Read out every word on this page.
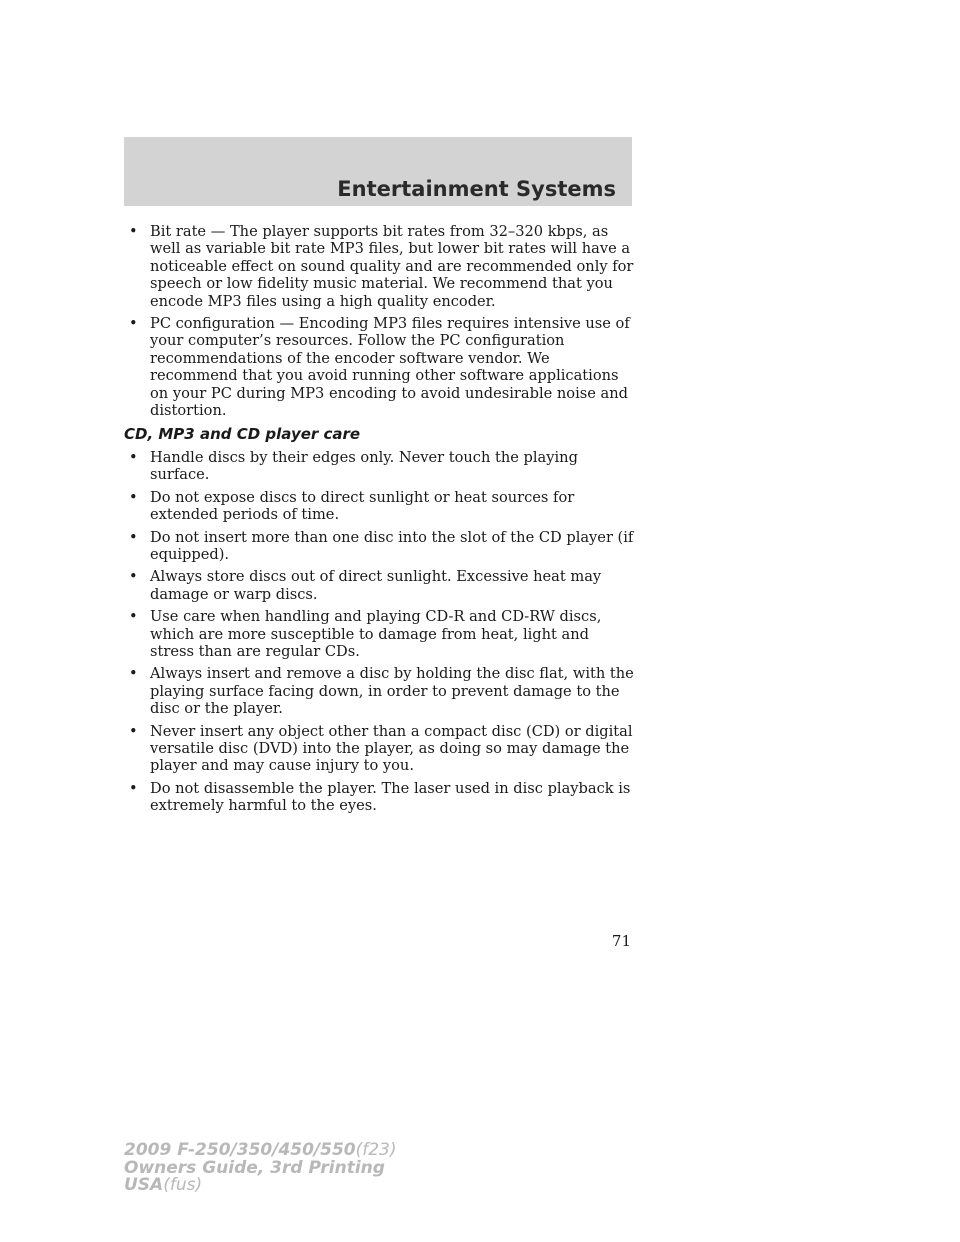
Entertainment Systems
• Bit rate — The player supports bit rates from 32–320 kbps, as well as variable bit rate MP3 files, but lower bit rates will have a noticeable effect on sound quality and are recommended only for speech or low fidelity music material. We recommend that you encode MP3 files using a high quality encoder.
• PC configuration — Encoding MP3 files requires intensive use of your computer’s resources. Follow the PC configuration recommendations of the encoder software vendor. We recommend that you avoid running other software applications on your PC during MP3 encoding to avoid undesirable noise and distortion.
CD, MP3 and CD player care
• Handle discs by their edges only. Never touch the playing surface.
• Do not expose discs to direct sunlight or heat sources for extended periods of time.
• Do not insert more than one disc into the slot of the CD player (if equipped).
• Always store discs out of direct sunlight. Excessive heat may damage or warp discs.
• Use care when handling and playing CD-R and CD-RW discs, which are more susceptible to damage from heat, light and stress than are regular CDs.
• Always insert and remove a disc by holding the disc flat, with the playing surface facing down, in order to prevent damage to the disc or the player.
• Never insert any object other than a compact disc (CD) or digital versatile disc (DVD) into the player, as doing so may damage the player and may cause injury to you.
• Do not disassemble the player. The laser used in disc playback is extremely harmful to the eyes.
71
2009 F-250/350/450/550(f23)
Owners Guide, 3rd Printing
USA(fus)
